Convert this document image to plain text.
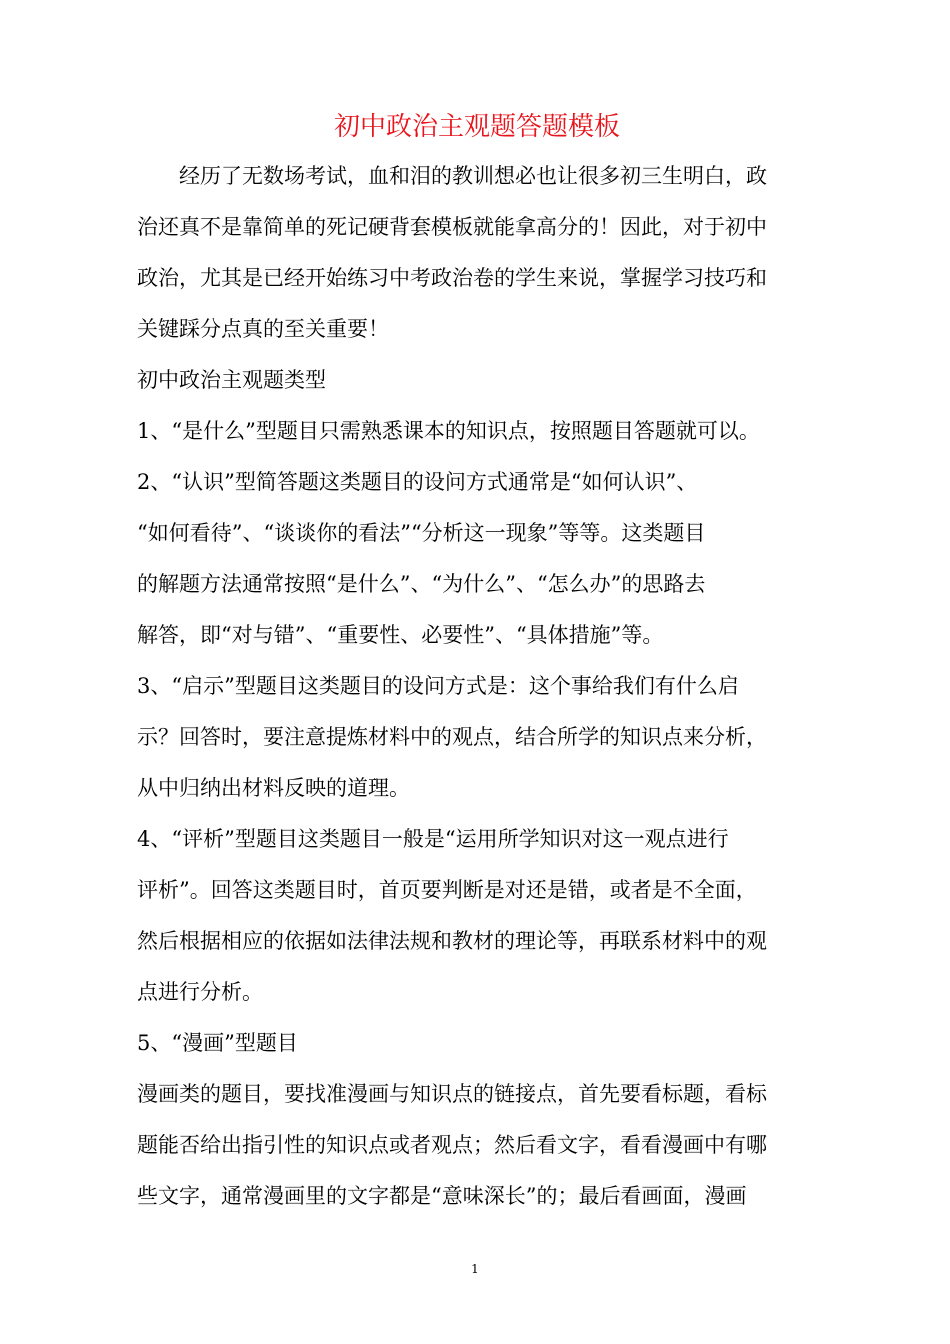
初中政治主观题答题模板
经历了无数场考试，血和泪的教训想必也让很多初三生明白，政
治还真不是靠简单的死记硬背套模板就能拿高分的！因此，对于初中
政治，尤其是已经开始练习中考政治卷的学生来说，掌握学习技巧和
关键踩分点真的至关重要！
初中政治主观题类型
1、“是什么”型题目只需熟悉课本的知识点，按照题目答题就可以。
2、“认识”型简答题这类题目的设问方式通常是“如何认识”、
“如何看待”、“谈谈你的看法”“分析这一现象”等等。这类题目
的解题方法通常按照“是什么”、“为什么”、“怎么办”的思路去
解答，即“对与错”、“重要性、必要性”、“具体措施”等。
3、“启示”型题目这类题目的设问方式是：这个事给我们有什么启
示？回答时，要注意提炼材料中的观点，结合所学的知识点来分析，
从中归纳出材料反映的道理。
4、“评析”型题目这类题目一般是“运用所学知识对这一观点进行
评析”。回答这类题目时，首页要判断是对还是错，或者是不全面，
然后根据相应的依据如法律法规和教材的理论等，再联系材料中的观
点进行分析。
5、“漫画”型题目
漫画类的题目，要找准漫画与知识点的链接点，首先要看标题，看标
题能否给出指引性的知识点或者观点；然后看文字，看看漫画中有哪
些文字，通常漫画里的文字都是“意味深长”的；最后看画面，漫画
1
